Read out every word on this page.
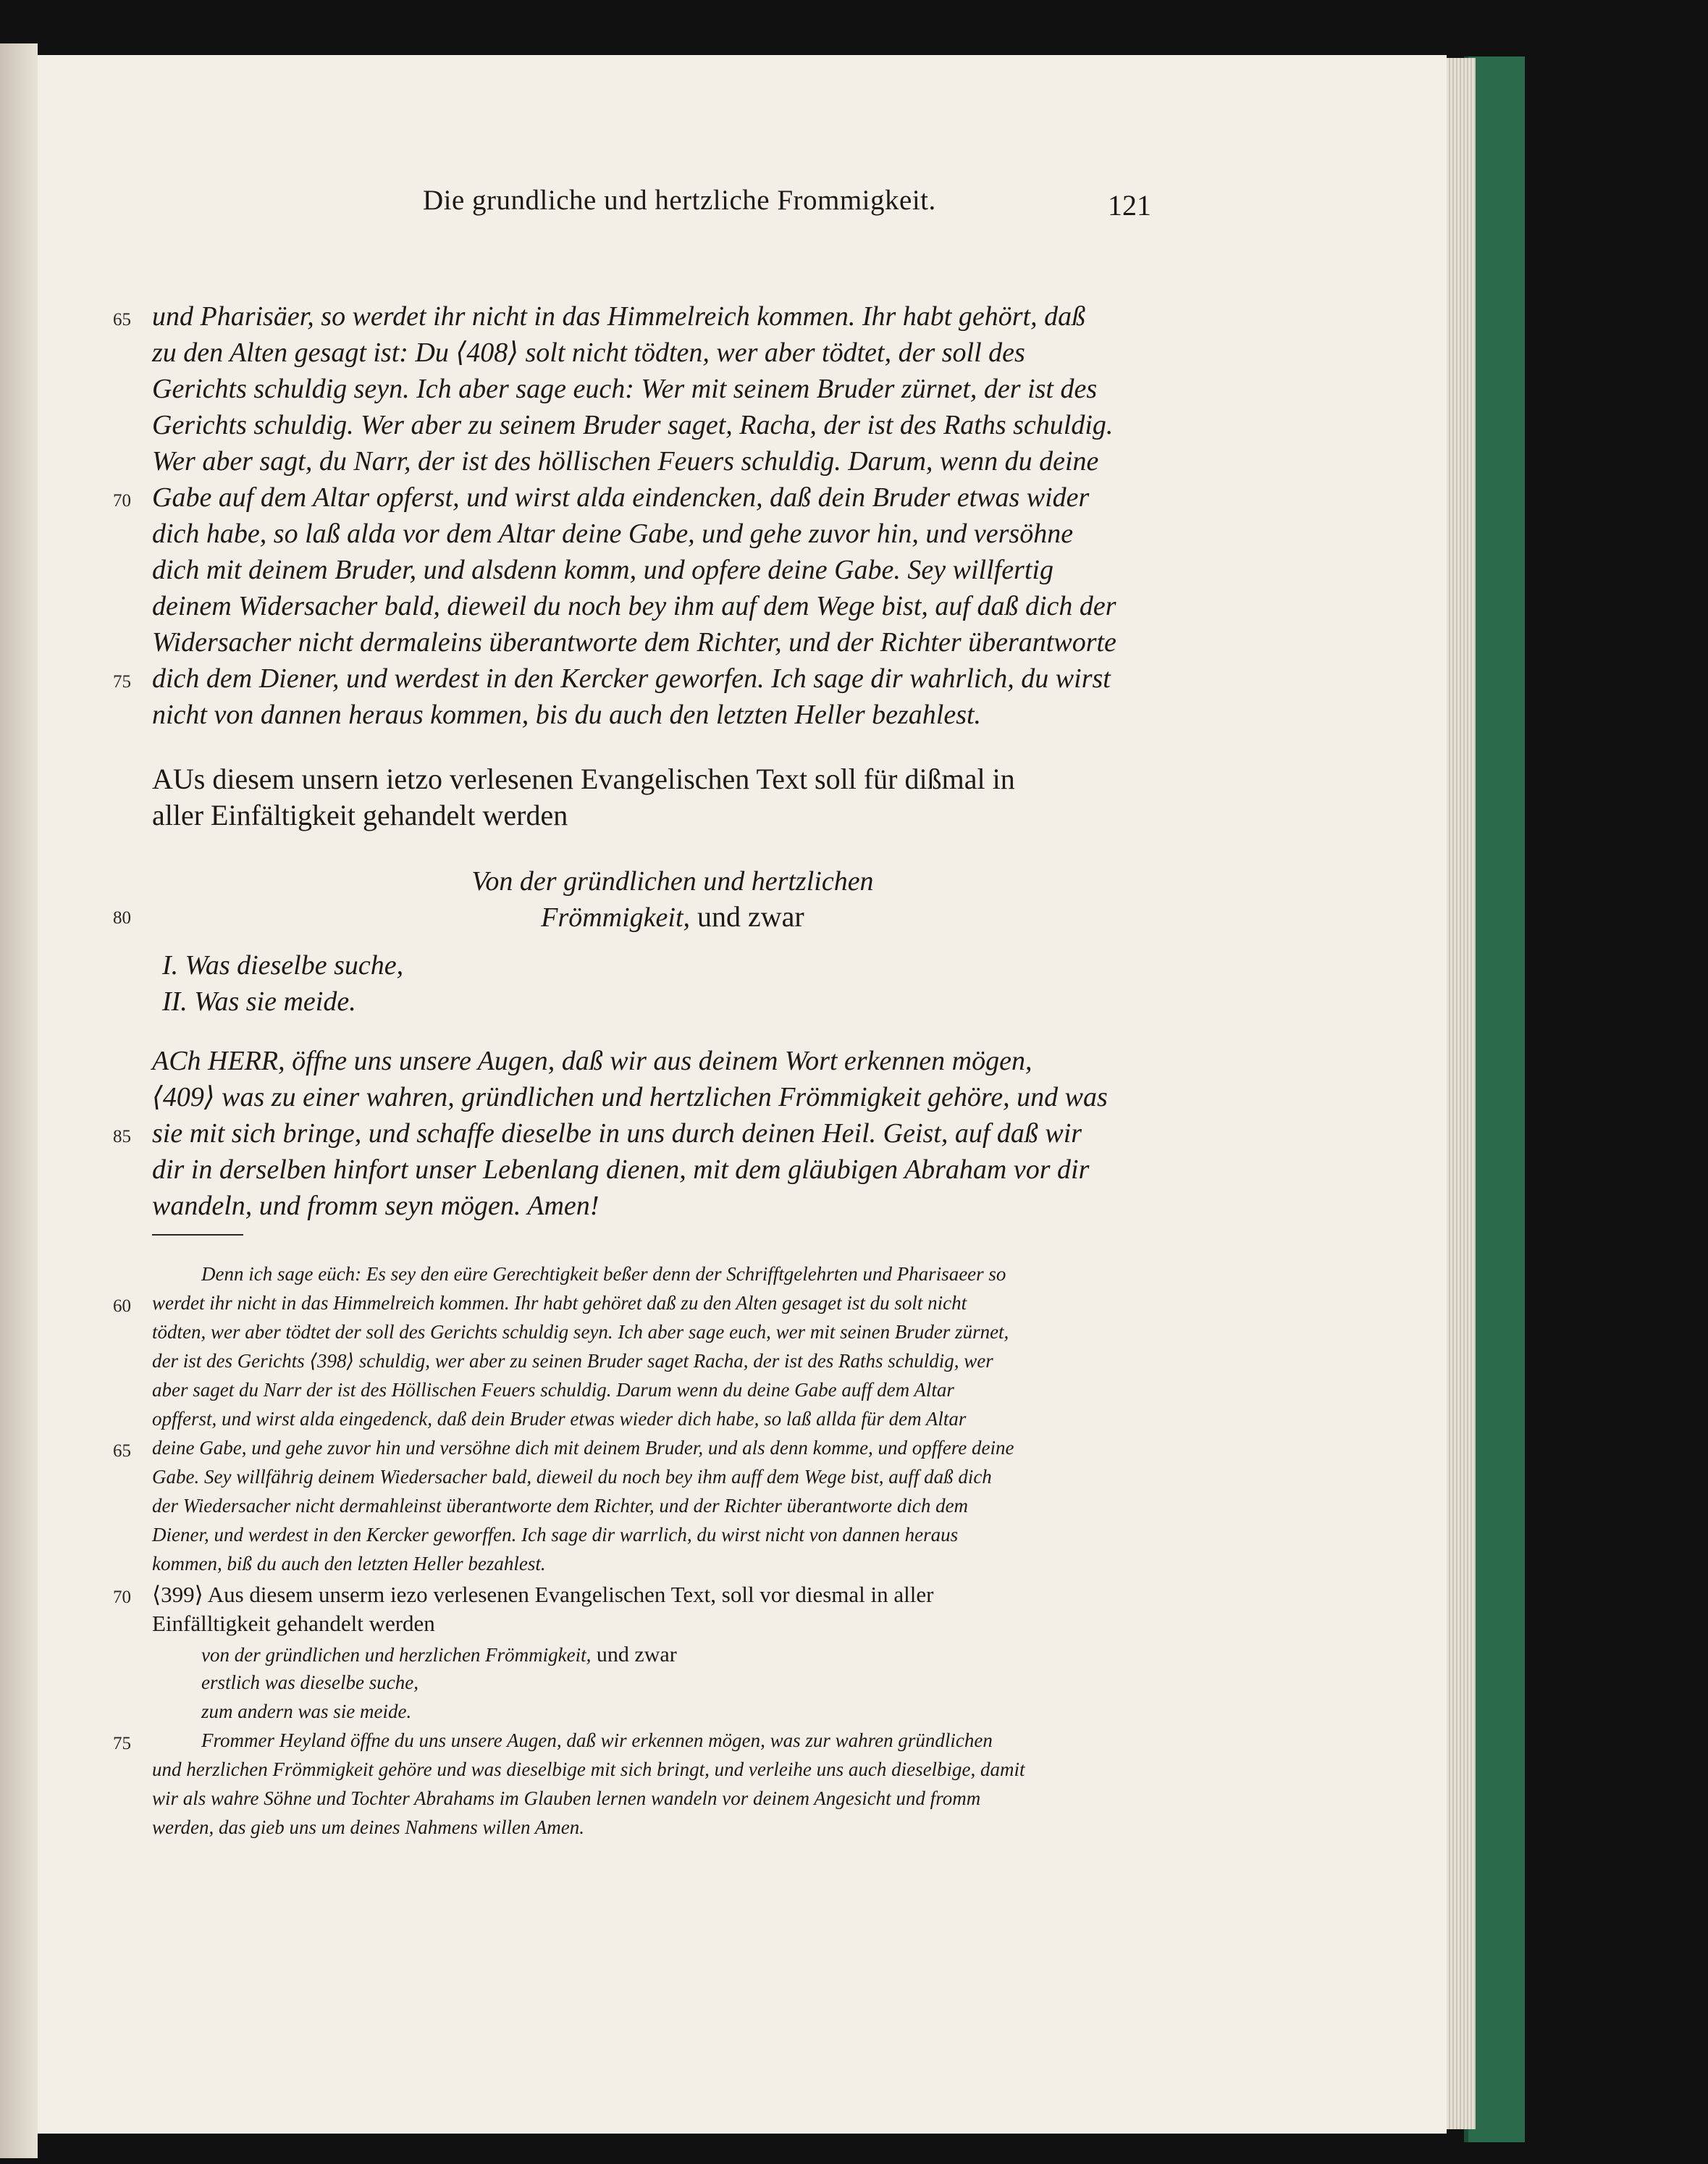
Die grundliche und hertzliche Frommigkeit.	121
65 und Pharisäer, so werdet ihr nicht in das Himmelreich kommen. Ihr habt gehört, daß
zu den Alten gesagt ist: Du ⟨408⟩ solt nicht tödten, wer aber tödtet, der soll des
Gerichts schuldig seyn. Ich aber sage euch: Wer mit seinem Bruder zürnet, der ist des
Gerichts schuldig. Wer aber zu seinem Bruder saget, Racha, der ist des Raths schuldig.
Wer aber sagt, du Narr, der ist des höllischen Feuers schuldig. Darum, wenn du deine
70 Gabe auf dem Altar opferst, und wirst alda eindencken, daß dein Bruder etwas wider
dich habe, so laß alda vor dem Altar deine Gabe, und gehe zuvor hin, und versöhne
dich mit deinem Bruder, und alsdenn komm, und opfere deine Gabe. Sey willfertig
deinem Widersacher bald, dieweil du noch bey ihm auf dem Wege bist, auf daß dich der
Widersacher nicht dermaleins überantworte dem Richter, und der Richter überantworte
75 dich dem Diener, und werdest in den Kercker geworfen. Ich sage dir wahrlich, du wirst
nicht von dannen heraus kommen, bis du auch den letzten Heller bezahlest.
AUs diesem unsern ietzo verlesenen Evangelischen Text soll für dißmal in
aller Einfältigkeit gehandelt werden
Von der gründlichen und hertzlichen
80	Frömmigkeit, und zwar
I. Was dieselbe suche,
II. Was sie meide.
ACh HERR, öffne uns unsere Augen, daß wir aus deinem Wort erkennen mögen,
⟨409⟩ was zu einer wahren, gründlichen und hertzlichen Frömmigkeit gehöre, und was
85 sie mit sich bringe, und schaffe dieselbe in uns durch deinen Heil. Geist, auf daß wir
dir in derselben hinfort unser Lebenlang dienen, mit dem gläubigen Abraham vor dir
wandeln, und fromm seyn mögen. Amen!
Denn ich sage eüch: Es sey den eüre Gerechtigkeit beßer denn der Schrifftgelehrten und Pharisaeer so
60 werdet ihr nicht in das Himmelreich kommen. Ihr habt gehöret daß zu den Alten gesaget ist du solt nicht
tödten, wer aber tödtet der soll des Gerichts schuldig seyn. Ich aber sage euch, wer mit seinen Bruder zürnet,
der ist des Gerichts ⟨398⟩ schuldig, wer aber zu seinen Bruder saget Racha, der ist des Raths schuldig, wer
aber saget du Narr der ist des Höllischen Feuers schuldig. Darum wenn du deine Gabe auff dem Altar
opfferst, und wirst alda eingedenck, daß dein Bruder etwas wieder dich habe, so laß allda für dem Altar
65 deine Gabe, und gehe zuvor hin und versöhne dich mit deinem Bruder, und als denn komme, und opffere deine
Gabe. Sey willfährig deinem Wiedersacher bald, dieweil du noch bey ihm auff dem Wege bist, auff daß dich
der Wiedersacher nicht dermahleinst überantworte dem Richter, und der Richter überantworte dich dem
Diener, und werdest in den Kercker geworffen. Ich sage dir warrlich, du wirst nicht von dannen heraus
kommen, biß du auch den letzten Heller bezahlest.
70 ⟨399⟩ Aus diesem unserm iezo verlesenen Evangelischen Text, soll vor diesmal in aller
Einfälltigkeit gehandelt werden
von der gründlichen und herzlichen Frömmigkeit, und zwar
erstlich was dieselbe suche,
zum andern was sie meide.
75	Frommer Heyland öffne du uns unsere Augen, daß wir erkennen mögen, was zur wahren gründlichen
und herzlichen Frömmigkeit gehöre und was dieselbige mit sich bringt, und verleihe uns auch dieselbige, damit
wir als wahre Söhne und Tochter Abrahams im Glauben lernen wandeln vor deinem Angesicht und fromm
werden, das gieb uns um deines Nahmens willen Amen.
